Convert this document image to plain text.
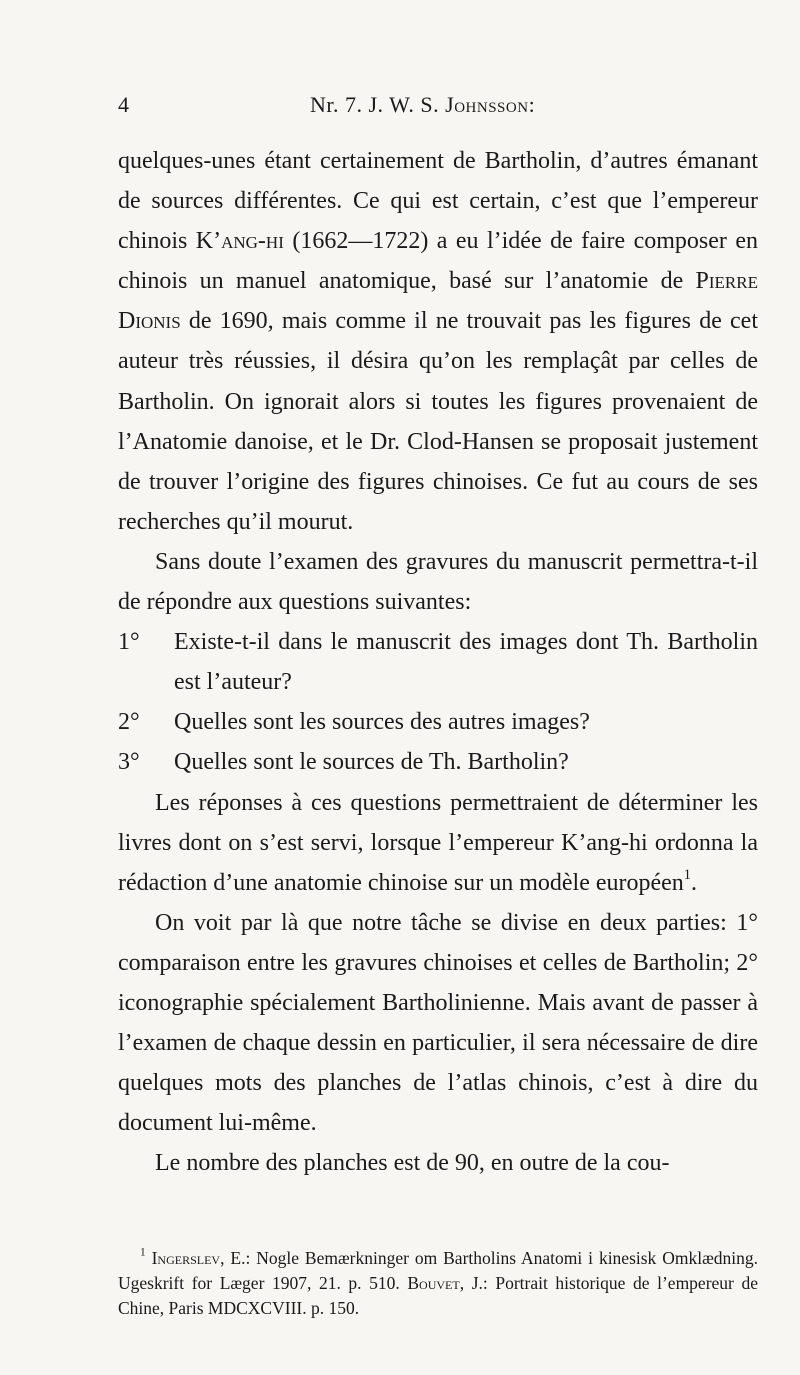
4	Nr. 7. J. W. S. Johnsson:

quelques-unes étant certainement de Bartholin, d’autres émanant de sources différentes. Ce qui est certain, c’est que l’empereur chinois K’ang-hi (1662—1722) a eu l’idée de faire composer en chinois un manuel anatomique, basé sur l’anatomie de Pierre Dionis de 1690, mais comme il ne trouvait pas les figures de cet auteur très réussies, il désira qu’on les remplaçât par celles de Bartholin. On ignorait alors si toutes les figures provenaient de l’Anatomie danoise, et le Dr. Clod-Hansen se proposait justement de trouver l’origine des figures chinoises. Ce fut au cours de ses recherches qu’il mourut.

Sans doute l’examen des gravures du manuscrit permettra-t-il de répondre aux questions suivantes:

1° Existe-t-il dans le manuscrit des images dont Th. Bartholin est l’auteur?

2° Quelles sont les sources des autres images?

3° Quelles sont le sources de Th. Bartholin?

Les réponses à ces questions permettraient de déterminer les livres dont on s’est servi, lorsque l’empereur K’ang-hi ordonna la rédaction d’une anatomie chinoise sur un modèle européen$^1$.

On voit par là que notre tâche se divise en deux parties: 1° comparaison entre les gravures chinoises et celles de Bartholin; 2° iconographie spécialement Bartholinienne. Mais avant de passer à l’examen de chaque dessin en particulier, il sera nécessaire de dire quelques mots des planches de l’atlas chinois, c’est à dire du document lui-même.

Le nombre des planches est de 90, en outre de la cou-

$^1$ Ingerslev, E.: Nogle Bemærkninger om Bartholins Anatomi i kinesisk Omklædning. Ugeskrift for Læger 1907, 21. p. 510. Bouvet, J.: Portrait historique de l’empereur de Chine, Paris MDCXCVIII. p. 150.
